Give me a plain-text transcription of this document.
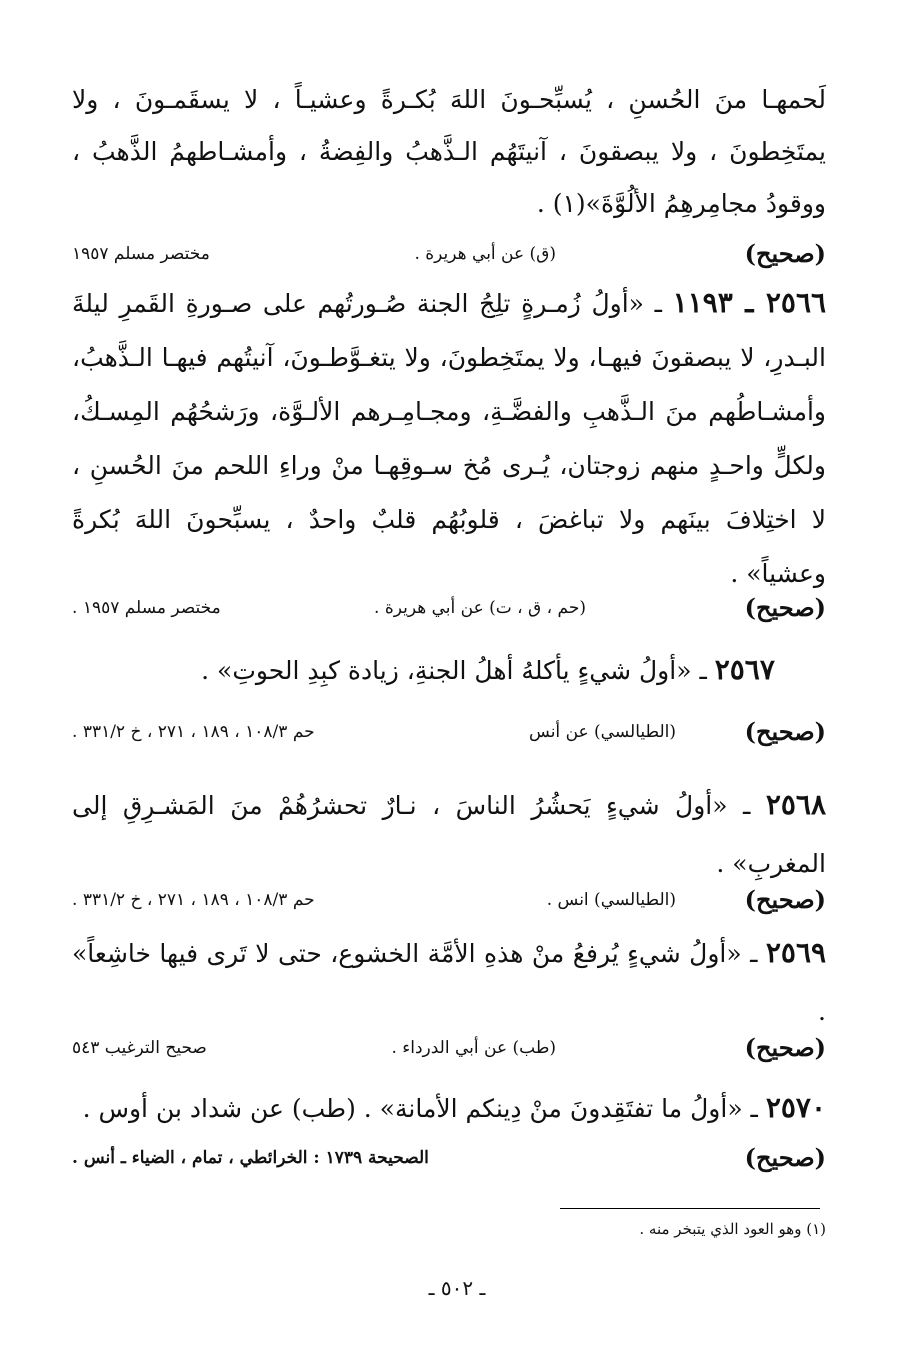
لَحمهـا منَ الحُسنِ ، يُسبِّحـونَ اللهَ بُكـرةً وعشيـاً ، لا يسقَمـونَ ، ولا يمتَخِطونَ ، ولا يبصقونَ ، آنيتَهُم الـذَّهبُ والفِضةُ ، وأمشـاطهمُ الذَّهبُ ، ووقودُ مجامِرهِمُ الألُوَّةَ»(١) .
( صحيح )
(ق) عن أبي هريرة .
مختصر مسلم ١٩٥٧
٢٥٦٦ ـ ١١٩٣ ـ «أولُ زُمـرةٍ تلِجُ الجنة صُـورتُهم على صـورةِ القَمرِ ليلةَ البـدرِ، لا يبصقونَ فيهـا، ولا يمتَخِطونَ، ولا يتغـوَّطـونَ، آنيتُهم فيهـا الـذَّهبُ، وأمشـاطُهم منَ الـذَّهبِ والفضَّـةِ، ومجـامِـرهم الألـوَّة، ورَشحُهُم المِسـكُ، ولكلٍّ واحـدٍ منهم زوجتان، يُـرى مُخ سـوقِهـا منْ وراءِ اللحم منَ الحُسنِ ، لا اختِلافَ بينَهم ولا تباغضَ ، قلوبُهُم قلبٌ واحدٌ ، يسبِّحونَ اللهَ بُكرةً وعشياً» .
( صحيح )
(حم ، ق ، ت) عن أبي هريرة .
مختصر مسلم ١٩٥٧ .
٢٥٦٧ ـ «أولُ شيءٍ يأكلهُ أهلُ الجنةِ، زيادة كبِدِ الحوتِ» .
( صحيح )
(الطيالسي) عن أنس
حم ١٠٨/٣ ، ١٨٩ ، ٢٧١ ، خ ٣٣١/٢ .
٢٥٦٨ ـ «أولُ شيءٍ يَحشُرُ الناسَ ، نـارٌ تحشرُهُمْ منَ المَشـرِقِ إلى المغربِ» .
( صحيح )
(الطيالسي) انس .
حم ١٠٨/٣ ، ١٨٩ ، ٢٧١ ، خ ٣٣١/٢ .
٢٥٦٩ ـ «أولُ شيءٍ يُرفعُ منْ هذهِ الأمَّة الخشوع، حتى لا تَرى فيها خاشِعاً» .
( صحيح )
(طب) عن أبي الدرداء .
صحيح الترغيب ٥٤٣
٢٥٧٠ ـ «أولُ ما تفتَقِدونَ منْ دِينكم الأمانة» . (طب) عن شداد بن أوس .
( صحيح )
الصحيحة ١٧٣٩ : الخرائطي ، تمام ، الضياء ـ أنس .
(١) وهو العود الذي يتبخر منه .
ـ ٥٠٢ ـ
